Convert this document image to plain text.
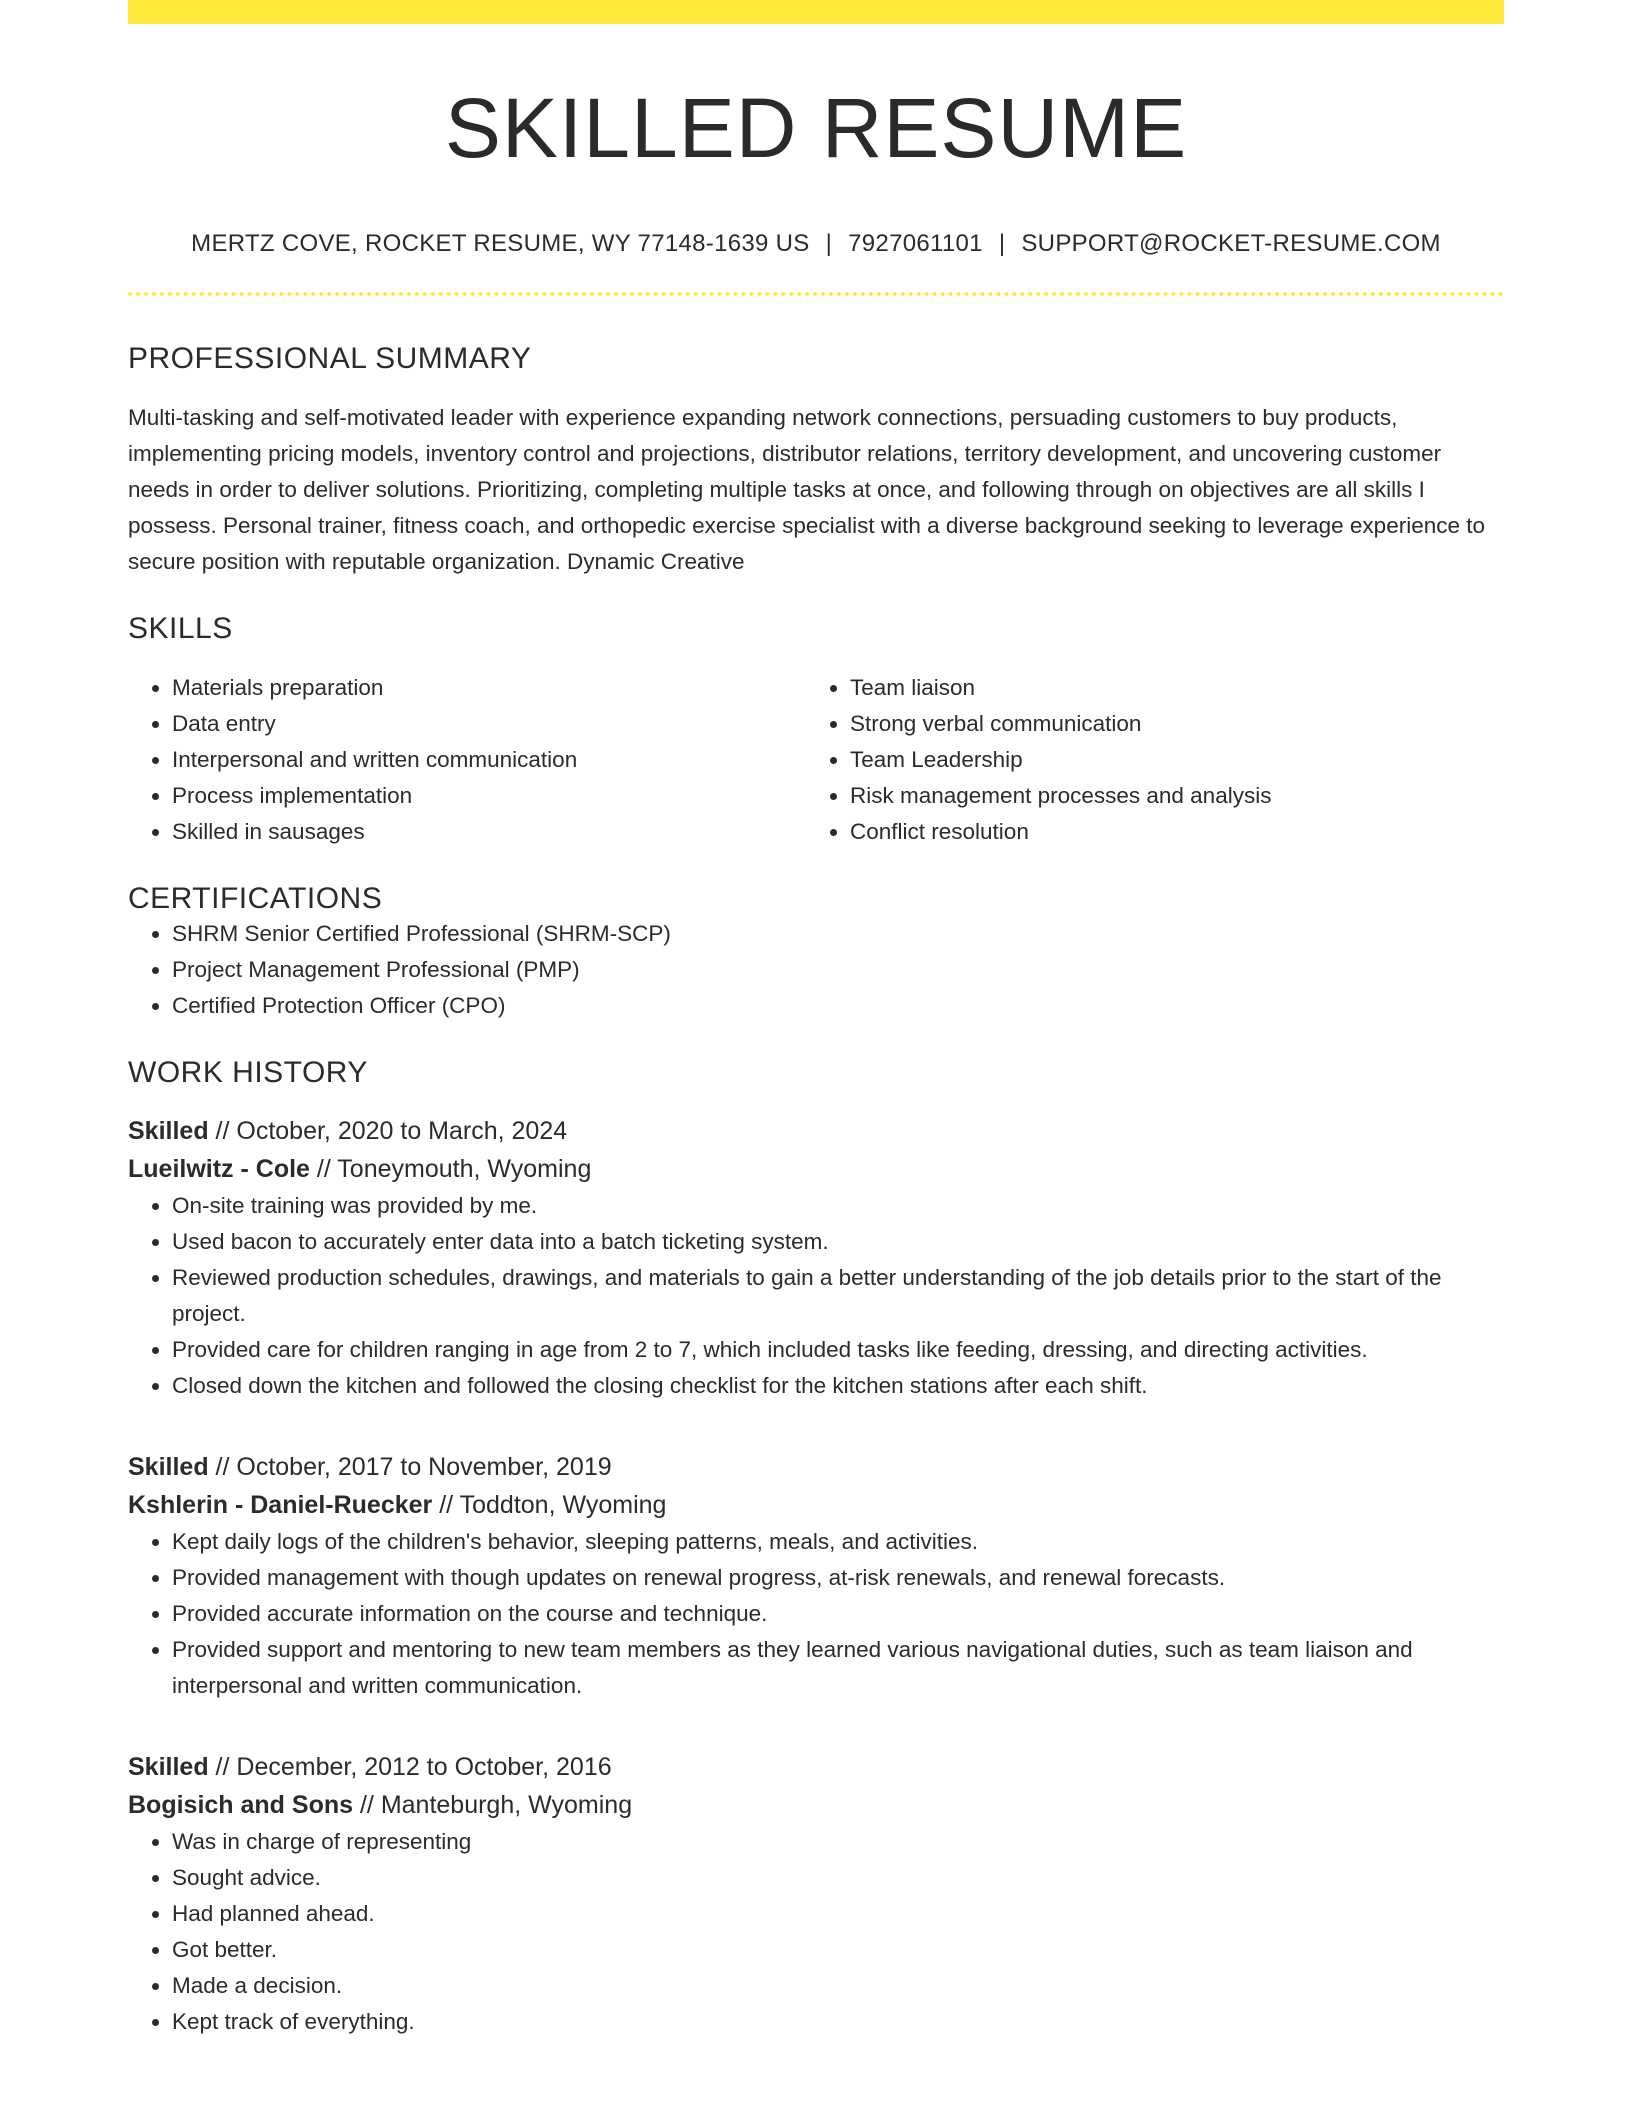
SKILLED RESUME
MERTZ COVE, ROCKET RESUME, WY 77148-1639 US | 7927061101 | SUPPORT@ROCKET-RESUME.COM
PROFESSIONAL SUMMARY

Multi-tasking and self-motivated leader with experience expanding network connections, persuading customers to buy products, implementing pricing models, inventory control and projections, distributor relations, territory development, and uncovering customer needs in order to deliver solutions. Prioritizing, completing multiple tasks at once, and following through on objectives are all skills I possess. Personal trainer, fitness coach, and orthopedic exercise specialist with a diverse background seeking to leverage experience to secure position with reputable organization. Dynamic Creative

SKILLS
• Materials preparation
• Data entry
• Interpersonal and written communication
• Process implementation
• Skilled in sausages
• Team liaison
• Strong verbal communication
• Team Leadership
• Risk management processes and analysis
• Conflict resolution
CERTIFICATIONS
• SHRM Senior Certified Professional (SHRM-SCP)
• Project Management Professional (PMP)
• Certified Protection Officer (CPO)
WORK HISTORY
Skilled // October, 2020 to March, 2024
Lueilwitz - Cole // Toneymouth, Wyoming
• On-site training was provided by me.
• Used bacon to accurately enter data into a batch ticketing system.
• Reviewed production schedules, drawings, and materials to gain a better understanding of the job details prior to the start of the project.
• Provided care for children ranging in age from 2 to 7, which included tasks like feeding, dressing, and directing activities.
• Closed down the kitchen and followed the closing checklist for the kitchen stations after each shift.
Skilled // October, 2017 to November, 2019
Kshlerin - Daniel-Ruecker // Toddton, Wyoming
• Kept daily logs of the children's behavior, sleeping patterns, meals, and activities.
• Provided management with though updates on renewal progress, at-risk renewals, and renewal forecasts.
• Provided accurate information on the course and technique.
• Provided support and mentoring to new team members as they learned various navigational duties, such as team liaison and interpersonal and written communication.
Skilled // December, 2012 to October, 2016
Bogisich and Sons // Manteburgh, Wyoming
• Was in charge of representing
• Sought advice.
• Had planned ahead.
• Got better.
• Made a decision.
• Kept track of everything.
